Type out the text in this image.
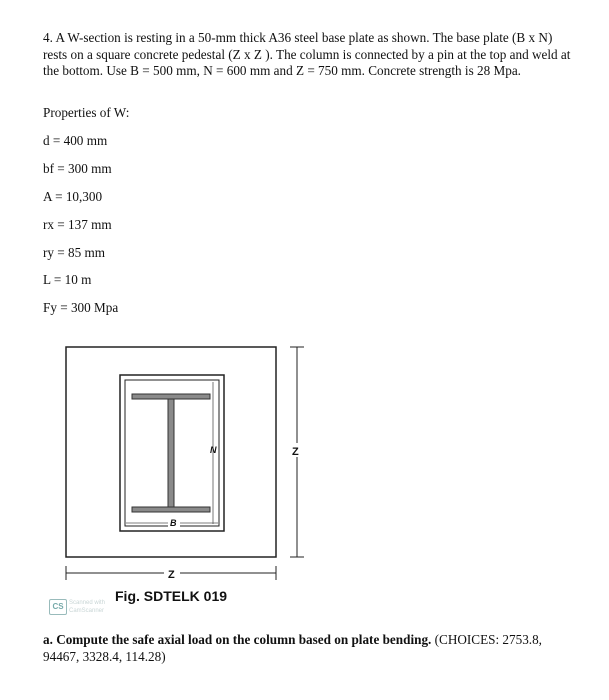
4. A W-section is resting in a 50-mm thick A36 steel base plate as shown. The base plate (B x N) rests on a square concrete pedestal (Z x Z ). The column is connected by a pin at the top and weld at the bottom. Use B = 500 mm, N = 600 mm and Z = 750 mm. Concrete strength is 28 Mpa.
Properties of W:
d = 400 mm
bf = 300 mm
A = 10,300
rx = 137 mm
ry = 85 mm
L = 10 m
Fy = 300 Mpa
N
B
Z
Z
Fig. SDTELK 019
CS Scanned with
CamScanner
a. Compute the safe axial load on the column based on plate bending. (CHOICES: 2753.8, 94467, 3328.4, 114.28)
